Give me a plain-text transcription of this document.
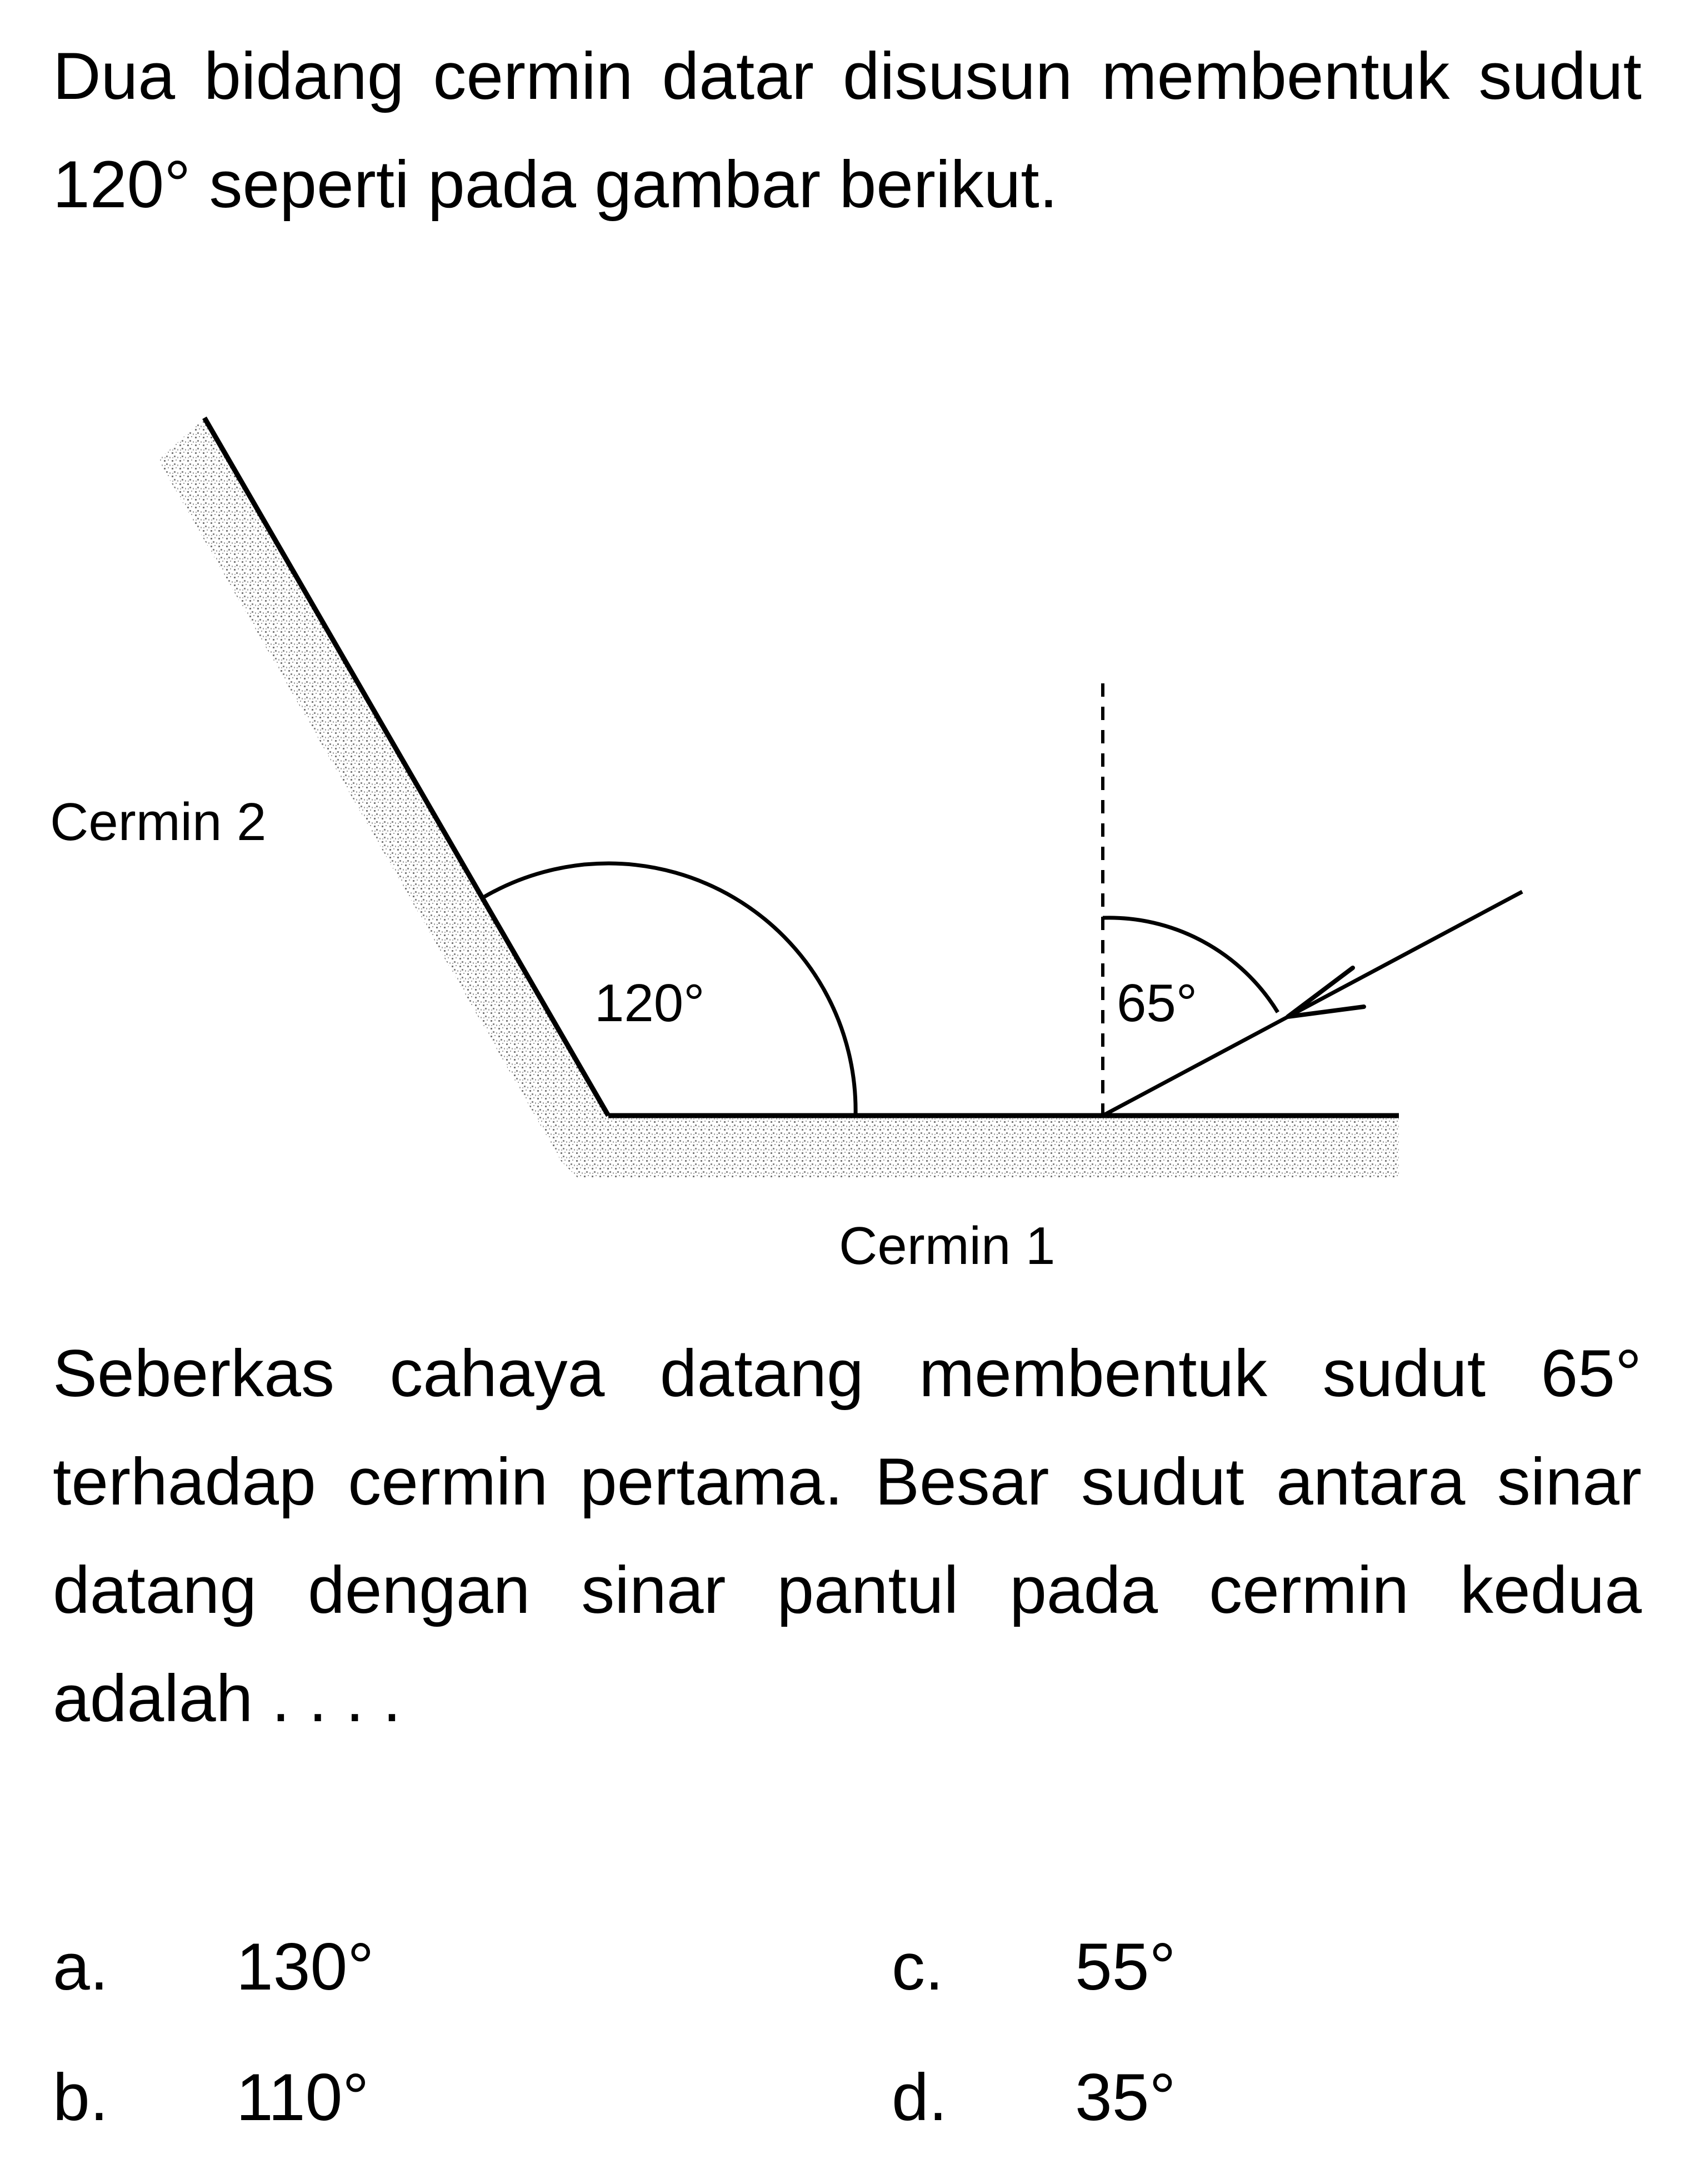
Dua bidang cermin datar disusun membentuk sudut 120° seperti pada gambar berikut.

Cermin 2
120°	65°
Cermin 1

Seberkas cahaya datang membentuk sudut 65° terhadap cermin pertama. Besar sudut antara sinar datang dengan sinar pantul pada cermin kedua adalah . . . .

a. 130°
b. 110°
c. 55°
d. 35°
